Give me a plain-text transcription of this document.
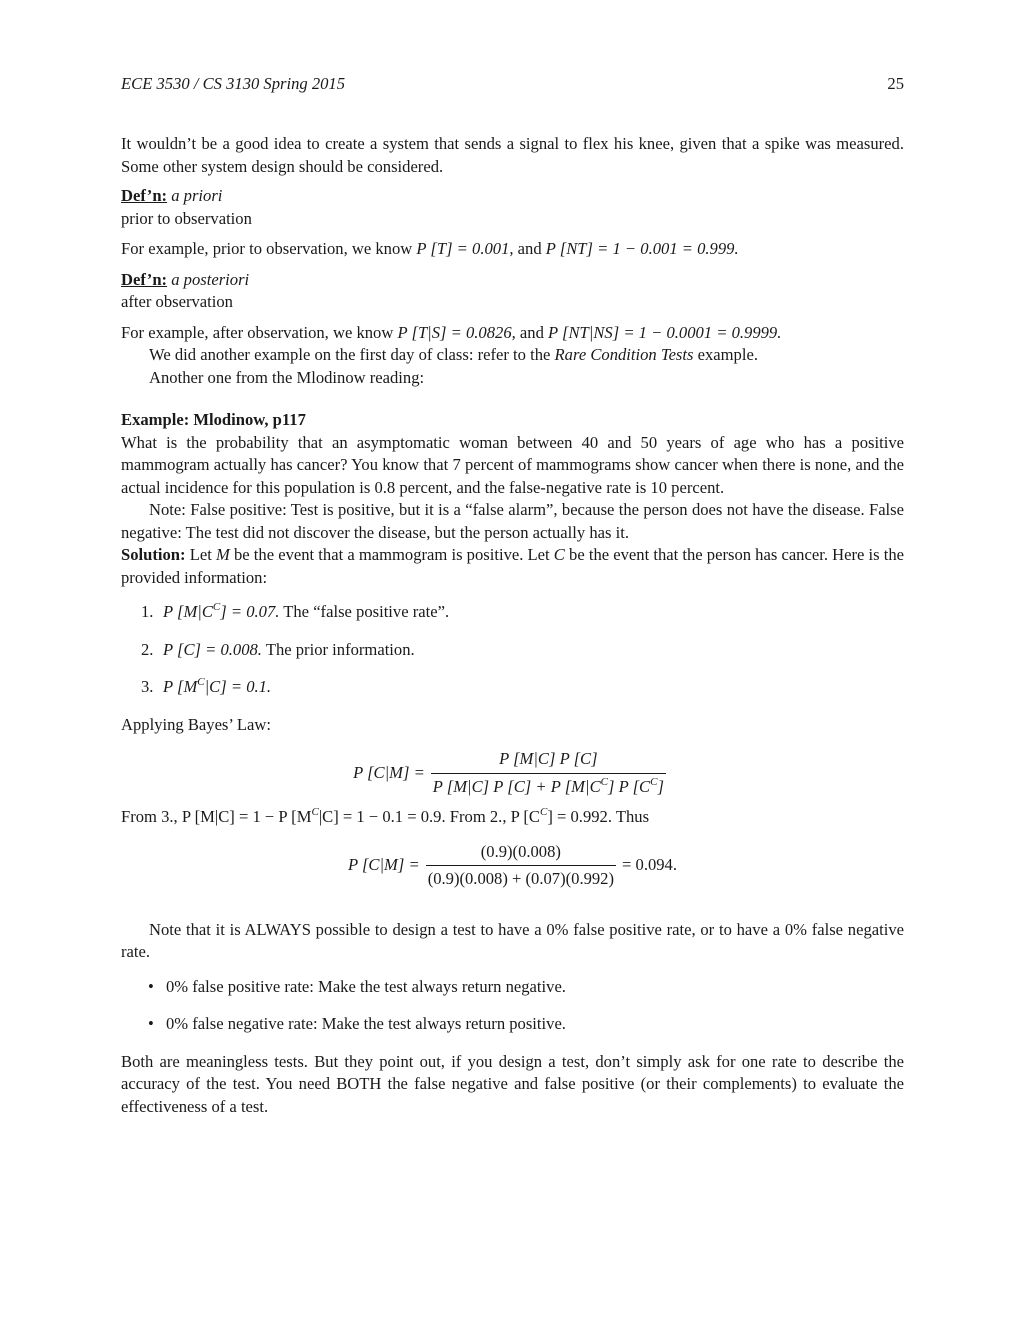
ECE 3530 / CS 3130 Spring 2015	25

It wouldn’t be a good idea to create a system that sends a signal to flex his knee, given that a spike was measured. Some other system design should be considered.

Def’n: a priori

prior to observation

For example, prior to observation, we know P [T] = 0.001, and P [NT] = 1 − 0.001 = 0.999.

Def’n: a posteriori

after observation

For example, after observation, we know P [T|S] = 0.0826, and P [NT|NS] = 1 − 0.0001 = 0.9999.

We did another example on the first day of class: refer to the Rare Condition Tests example.

Another one from the Mlodinow reading:

Example: Mlodinow, p117

What is the probability that an asymptomatic woman between 40 and 50 years of age who has a positive mammogram actually has cancer? You know that 7 percent of mammograms show cancer when there is none, and the actual incidence for this population is 0.8 percent, and the false-negative rate is 10 percent.

Note: False positive: Test is positive, but it is a “false alarm”, because the person does not have the disease. False negative: The test did not discover the disease, but the person actually has it.

Solution: Let M be the event that a mammogram is positive. Let C be the event that the person has cancer. Here is the provided information:

1. P $[M|C^C] = 0.07$. The “false positive rate”.
2. P [C] = 0.008. The prior information.
3. P $[M^C|C] = 0.1$.

Applying Bayes’ Law:

P $[C|M] = \frac{P [M|C] P [C]}{P [M|C] P [C] + P [M|C^C] P [C^C]}$

From 3., P [M|C] = 1 − P $[M^C|C] = 1 - 0.1 = 0.9$. From 2., P $[C^C] = 0.992$. Thus

P $[C|M] = \frac{(0.9)(0.008)}{(0.9)(0.008) + (0.07)(0.992)} = 0.094$.

Note that it is ALWAYS possible to design a test to have a 0% false positive rate, or to have a 0% false negative rate.

• 0% false positive rate: Make the test always return negative.
• 0% false negative rate: Make the test always return positive.

Both are meaningless tests. But they point out, if you design a test, don’t simply ask for one rate to describe the accuracy of the test. You need BOTH the false negative and false positive (or their complements) to evaluate the effectiveness of a test.
